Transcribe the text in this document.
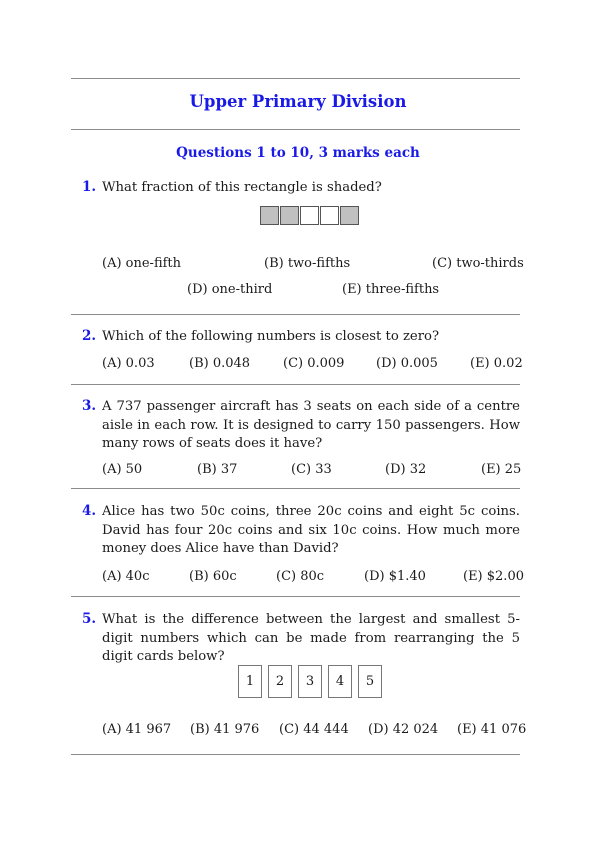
Upper Primary Division
Questions 1 to 10, 3 marks each
1. What fraction of this rectangle is shaded?
(A) one-fifth	(B) two-fifths	(C) two-thirds
(D) one-third	(E) three-fifths
2. Which of the following numbers is closest to zero?
(A) 0.03	(B) 0.048	(C) 0.009 (D) 0.005 (E) 0.02
3. A 737 passenger aircraft has 3 seats on each side of a centre aisle in each row. It is designed to carry 150 passengers. How many rows of seats does it have?
(A) 50	(B) 37	(C) 33	(D) 32	(E) 25
4. Alice has two 50c coins, three 20c coins and eight 5c coins. David has four 20c coins and six 10c coins. How much more money does Alice have than David?
(A) 40c	(B) 60c	(C) 80c	(D) $1.40	(E) $2.00
5. What is the difference between the largest and smallest 5-digit numbers which can be made from rearranging the 5 digit cards below?
1	2	3	4	5
(A) 41 967 (B) 41 976 (C) 44 444 (D) 42 024 (E) 41 076
